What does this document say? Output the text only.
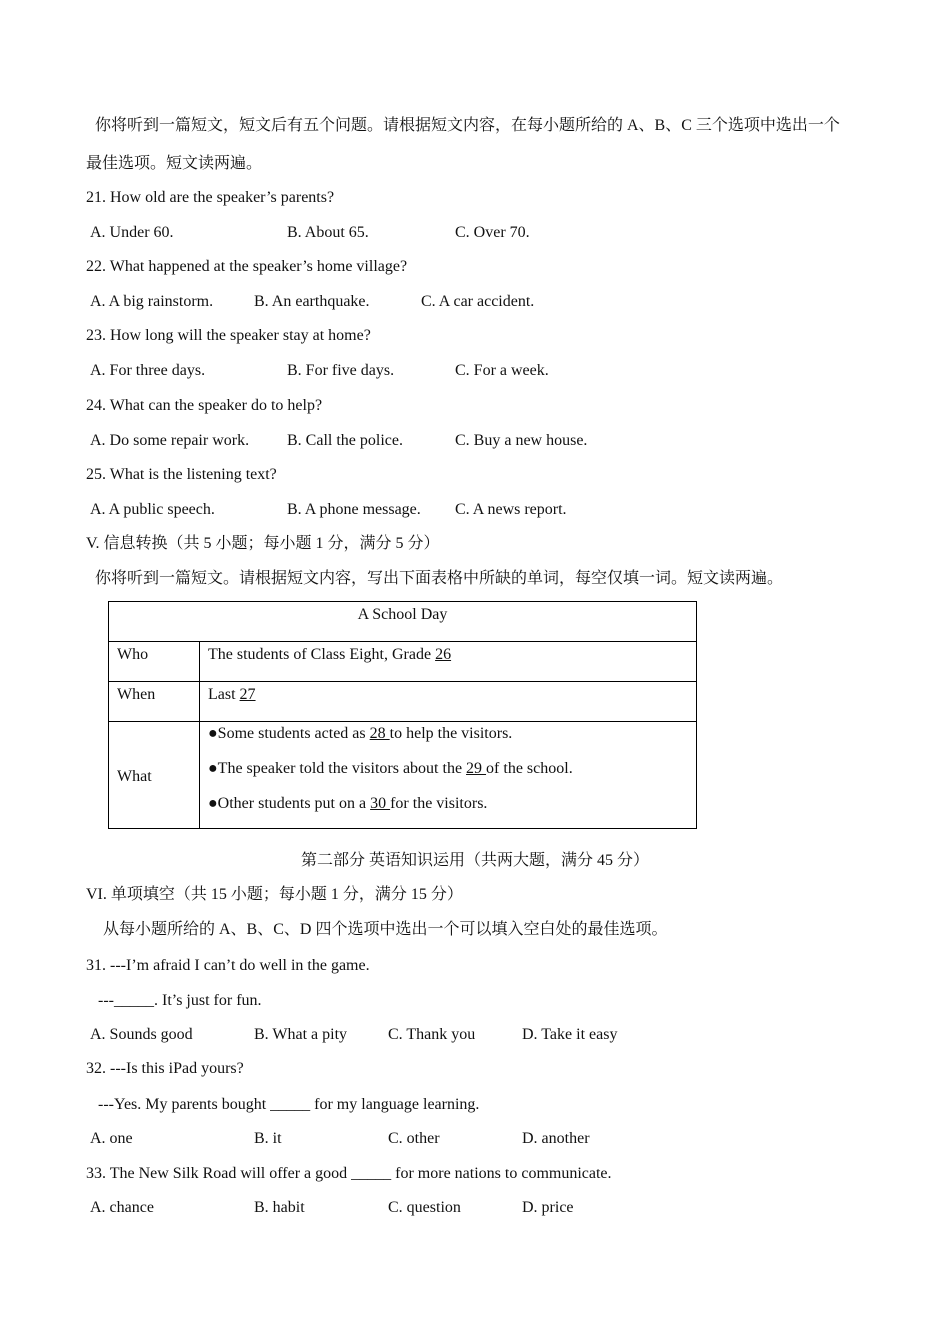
你将听到一篇短文，短文后有五个问题。请根据短文内容，在每小题所给的 A、B、C 三个选项中选出一个
最佳选项。短文读两遍。
21. How old are the speaker’s parents?
A. Under 60.	B. About 65.	C. Over 70.
22. What happened at the speaker’s home village?
A. A big rainstorm.	B. An earthquake.	C. A car accident.
23. How long will the speaker stay at home?
A. For three days.	B. For five days.	C. For a week.
24. What can the speaker do to help?
A. Do some repair work. B. Call the police.	C. Buy a new house.
25. What is the listening text?
A. A public speech.	B. A phone message. C. A news report.
V. 信息转换（共 5 小题；每小题 1 分，满分 5 分）
你将听到一篇短文。请根据短文内容，写出下面表格中所缺的单词，每空仅填一词。短文读两遍。
A School Day	
Who	The students of Class Eight, Grade 26
When	Last 27
What	●Some students acted as 28 to help the visitors.
●The speaker told the visitors about the 29 of the school.
●Other students put on a 30 for the visitors.
第二部分 英语知识运用（共两大题，满分 45 分）
VI. 单项填空（共 15 小题；每小题 1 分，满分 15 分）
从每小题所给的 A、B、C、D 四个选项中选出一个可以填入空白处的最佳选项。
31. ---I’m afraid I can’t do well in the game.
---_____. It’s just for fun.
A. Sounds good	B. What a pity	C. Thank you	D. Take it easy
32. ---Is this iPad yours?
---Yes. My parents bought _____ for my language learning.
A. one	B. it	C. other	D. another
33. The New Silk Road will offer a good _____ for more nations to communicate.
A. chance	B. habit	C. question	D. price
